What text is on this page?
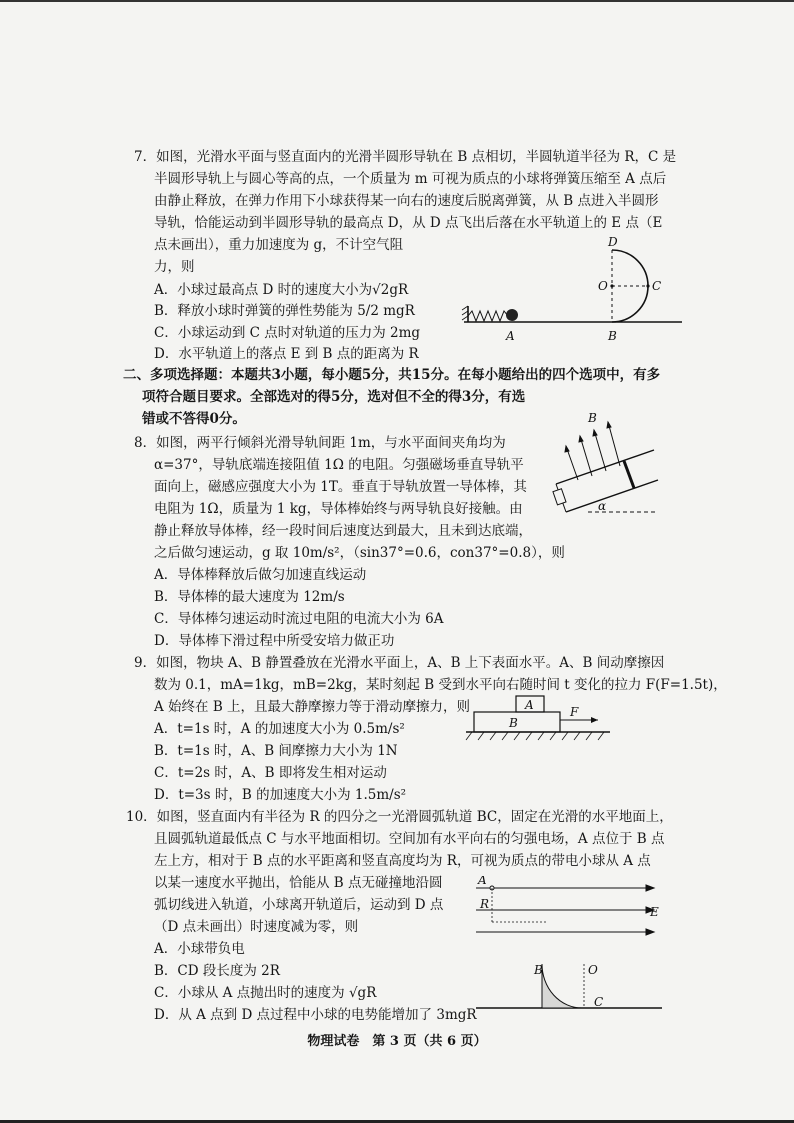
7．如图，光滑水平面与竖直面内的光滑半圆形导轨在 B 点相切，半圆轨道半径为 R，C 是
半圆形导轨上与圆心等高的点，一个质量为 m 可视为质点的小球将弹簧压缩至 A 点后
由静止释放，在弹力作用下小球获得某一向右的速度后脱离弹簧，从 B 点进入半圆形
导轨，恰能运动到半圆形导轨的最高点 D，从 D 点飞出后落在水平轨道上的 E 点（E
点未画出），重力加速度为 g，不计空气阻
力，则
A．小球过最高点 D 时的速度大小为√2gR
B．释放小球时弹簧的弹性势能为 5/2 mgR
C．小球运动到 C 点时对轨道的压力为 2mg
D．水平轨道上的落点 E 到 B 点的距离为 R
D
O	C
A	B
二、多项选择题：本题共3小题，每小题5分，共15分。在每小题给出的四个选项中，有多
项符合题目要求。全部选对的得5分，选对但不全的得3分，有选
错或不答得0分。
8．如图，两平行倾斜光滑导轨间距 1m，与水平面间夹角均为
α=37°，导轨底端连接阻值 1Ω 的电阻。匀强磁场垂直导轨平
面向上，磁感应强度大小为 1T。垂直于导轨放置一导体棒，其
电阻为 1Ω，质量为 1 kg，导体棒始终与两导轨良好接触。由
静止释放导体棒，经一段时间后速度达到最大，且未到达底端，
之后做匀速运动，g 取 10m/s²，（sin37°=0.6，con37°=0.8），则
A．导体棒释放后做匀加速直线运动
B．导体棒的最大速度为 12m/s
C．导体棒匀速运动时流过电阻的电流大小为 6A
D．导体棒下滑过程中所受安培力做正功
B
α
9．如图，物块 A、B 静置叠放在光滑水平面上，A、B 上下表面水平。A、B 间动摩擦因
数为 0.1，mA=1kg，mB=2kg，某时刻起 B 受到水平向右随时间 t 变化的拉力 F(F=1.5t)，
A 始终在 B 上，且最大静摩擦力等于滑动摩擦力，则
A．t=1s 时，A 的加速度大小为 0.5m/s²
B．t=1s 时，A、B 间摩擦力大小为 1N
C．t=2s 时，A、B 即将发生相对运动
D．t=3s 时，B 的加速度大小为 1.5m/s²
A
B
F
10．如图，竖直面内有半径为 R 的四分之一光滑圆弧轨道 BC，固定在光滑的水平地面上，
且圆弧轨道最低点 C 与水平地面相切。空间加有水平向右的匀强电场，A 点位于 B 点
左上方，相对于 B 点的水平距离和竖直高度均为 R，可视为质点的带电小球从 A 点
以某一速度水平抛出，恰能从 B 点无碰撞地沿圆
弧切线进入轨道，小球离开轨道后，运动到 D 点
（D 点未画出）时速度减为零，则
A．小球带负电
B．CD 段长度为 2R
A
R
E
C．小球从 A 点抛出时的速度为 √gR
D．从 A 点到 D 点过程中小球的电势能增加了 3mgR
物理试卷　第 3 页（共 6 页）
B	O
C
